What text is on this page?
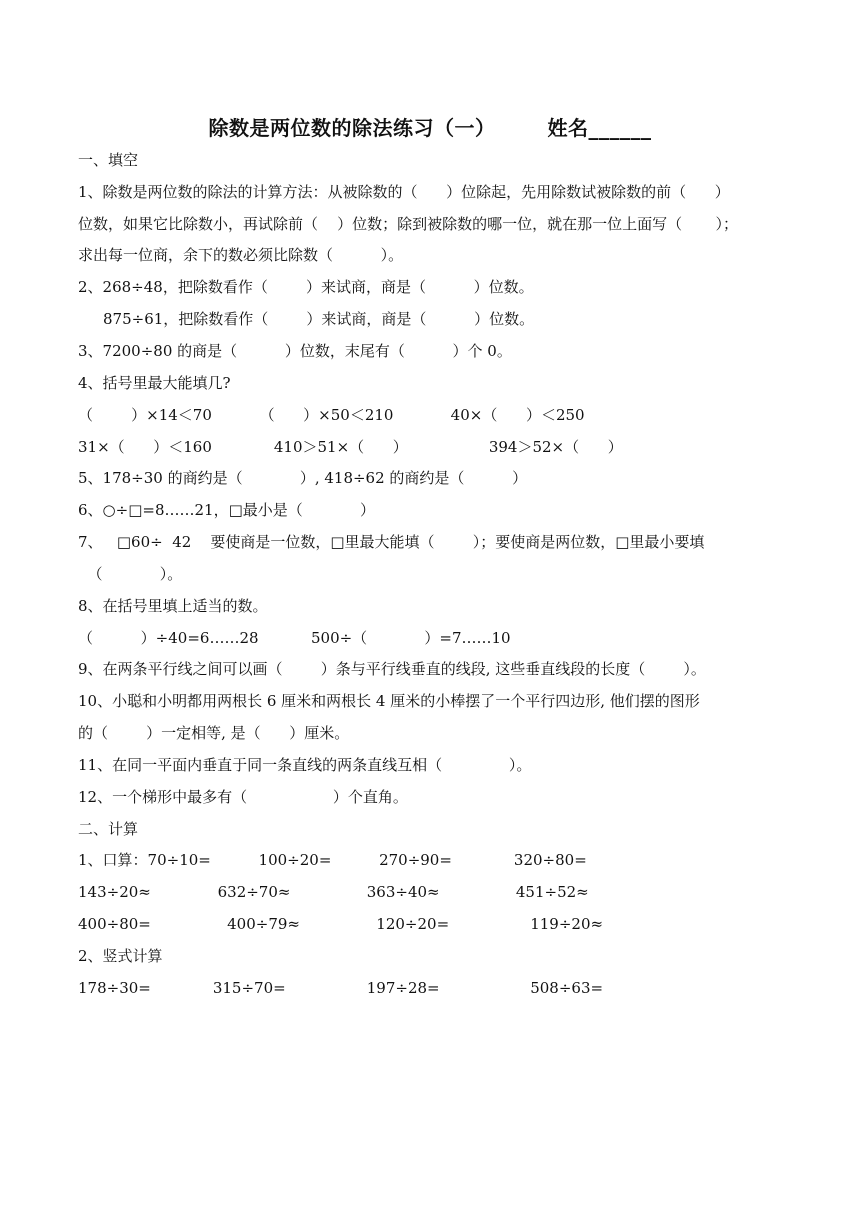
除数是两位数的除法练习（一）	姓名______
一、填空
1、除数是两位数的除法的计算方法：从被除数的（      ）位除起，先用除数试被除数的前（      ）
位数，如果它比除数小，再试除前（    ）位数；除到被除数的哪一位，就在那一位上面写（       ）；
求出每一位商，余下的数必须比除数（          ）。
2、268÷48，把除数看作（        ）来试商，商是（          ）位数。
875÷61，把除数看作（        ）来试商，商是（          ）位数。
3、7200÷80 的商是（          ）位数，末尾有（          ）个 0。
4、括号里最大能填几?
（        ）×14＜70          （      ）×50＜210            40×（      ）＜250
31×（      ）＜160             410＞51×（      ）                 394＞52×（      ）
5、178÷30 的商约是（            ）, 418÷62 的商约是（          ）
6、○÷□=8……21，□最小是（            ）
7、   □60÷  42    要使商是一位数，□里最大能填（        ）；要使商是两位数，□里最小要填
（            ）。
8、在括号里填上适当的数。
（          ）÷40=6……28           500÷（            ）=7……10
9、在两条平行线之间可以画（        ）条与平行线垂直的线段, 这些垂直线段的长度（        ）。
10、小聪和小明都用两根长 6 厘米和两根长 4 厘米的小棒摆了一个平行四边形, 他们摆的图形
的（        ）一定相等, 是（      ）厘米。
11、在同一平面内垂直于同一条直线的两条直线互相（              ）。
12、一个梯形中最多有（                  ）个直角。
二、计算
1、口算：70÷10=          100÷20=          270÷90=             320÷80=
143÷20≈              632÷70≈                363÷40≈                451÷52≈
400÷80=                400÷79≈                120÷20=                 119÷20≈
2、竖式计算
178÷30=             315÷70=                 197÷28=                   508÷63=
